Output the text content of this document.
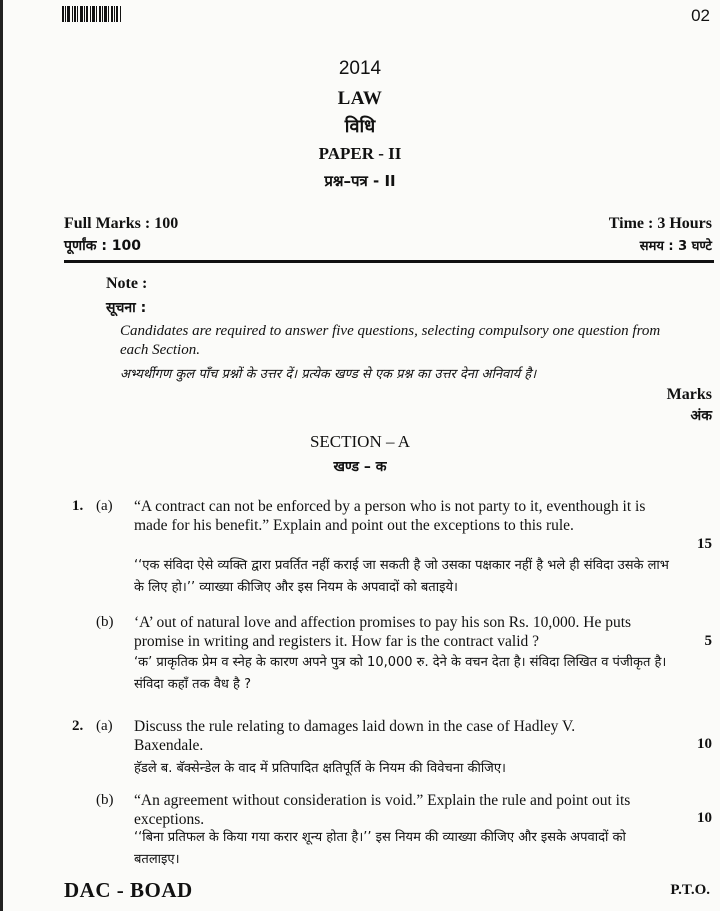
02
2014
LAW
विधि
PAPER - II
प्रश्न–पत्र - II
Full Marks : 100
पूर्णांक : 100
Time : 3 Hours
समय : 3 घण्टे
Note :
सूचना :
Candidates are required to answer five questions, selecting compulsory one question from each Section.
अभ्यर्थीगण कुल पाँच प्रश्नों के उत्तर दें। प्रत्येक खण्ड से एक प्रश्न का उत्तर देना अनिवार्य है।
Marks
अंक
SECTION – A
खण्ड – क
1. (a) “A contract can not be enforced by a person who is not party to it, eventhough it is made for his benefit.” Explain and point out the exceptions to this rule.
15
‘‘एक संविदा ऐसे व्यक्ति द्वारा प्रवर्तित नहीं कराई जा सकती है जो उसका पक्षकार नहीं है भले ही संविदा उसके लाभ के लिए हो।’’ व्याख्या कीजिए और इस नियम के अपवादों को बताइये।
(b) ‘A’ out of natural love and affection promises to pay his son Rs. 10,000. He puts promise in writing and registers it. How far is the contract valid ?	5
‘क’ प्राकृतिक प्रेम व स्नेह के कारण अपने पुत्र को 10,000 रु. देने के वचन देता है। संविदा लिखित व पंजीकृत है। संविदा कहाँ तक वैध है ?
2. (a) Discuss the rule relating to damages laid down in the case of Hadley V. Baxendale.	10
हॅडले ब. बॅक्सेन्डेल के वाद में प्रतिपादित क्षतिपूर्ति के नियम की विवेचना कीजिए।
(b) “An agreement without consideration is void.” Explain the rule and point out its exceptions.	10
‘‘बिना प्रतिफल के किया गया करार शून्य होता है।’’ इस नियम की व्याख्या कीजिए और इसके अपवादों को बतलाइए।
DAC - BOAD	P.T.O.
